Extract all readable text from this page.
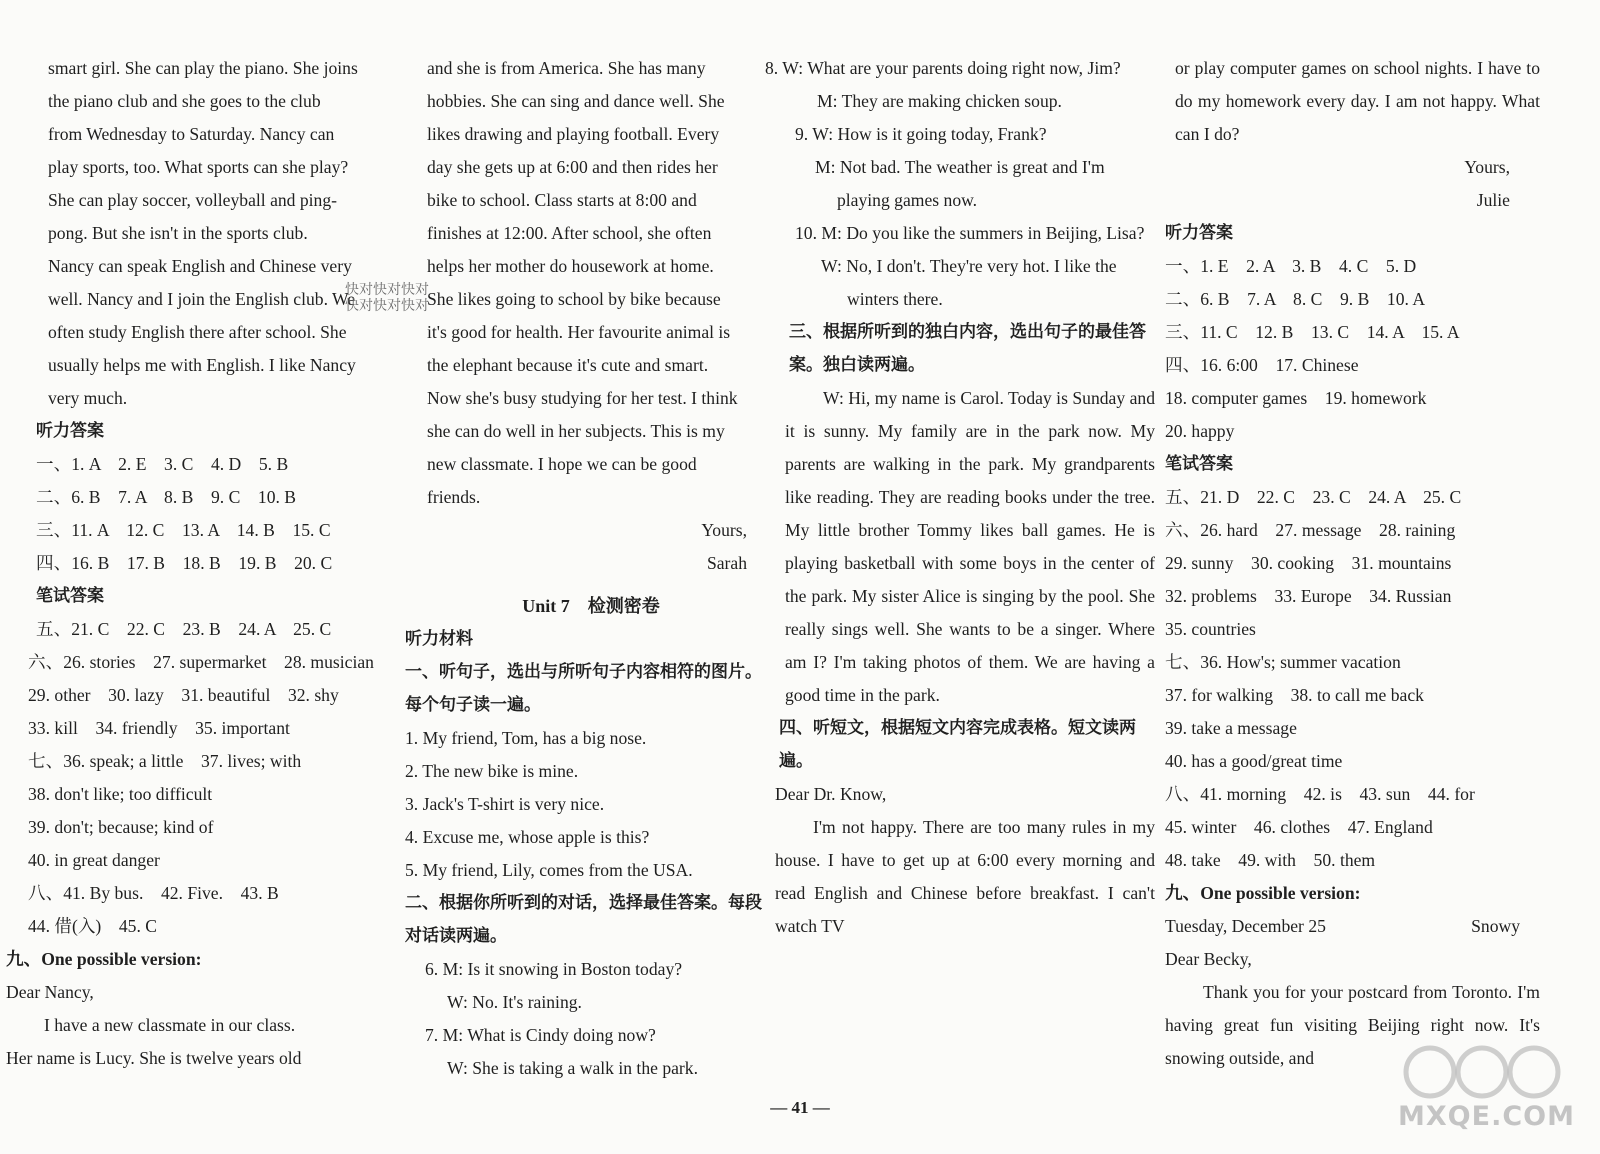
smart girl. She can play the piano. She joins

the piano club and she goes to the club

from Wednesday to Saturday. Nancy can

play sports, too. What sports can she play?

She can play soccer, volleyball and ping-

pong. But she isn't in the sports club.

Nancy can speak English and Chinese very

well. Nancy and I join the English club. We

often study English there after school. She

usually helps me with English. I like Nancy

very much.

听力答案

一、1. A　2. E　3. C　4. D　5. B

二、6. B　7. A　8. B　9. C　10. B

三、11. A　12. C　13. A　14. B　15. C

四、16. B　17. B　18. B　19. B　20. C

笔试答案

五、21. C　22. C　23. B　24. A　25. C

六、26. stories　27. supermarket　28. musician

29. other　30. lazy　31. beautiful　32. shy

33. kill　34. friendly　35. important

七、36. speak; a little　37. lives; with

38. don't like; too difficult

39. don't; because; kind of

40. in great danger

八、41. By bus.　42. Five.　43. B

44. 借(入)　45. C

九、One possible version:

Dear Nancy,

I have a new classmate in our class.

Her name is Lucy. She is twelve years old

and she is from America. She has many

hobbies. She can sing and dance well. She

likes drawing and playing football. Every

day she gets up at 6:00 and then rides her

bike to school. Class starts at 8:00 and

finishes at 12:00. After school, she often

helps her mother do housework at home.

She likes going to school by bike because

it's good for health. Her favourite animal is

the elephant because it's cute and smart.

Now she's busy studying for her test. I think

she can do well in her subjects. This is my

new classmate. I hope we can be good

friends.

Yours,

Sarah

Unit 7　检测密卷

听力材料

一、听句子，选出与所听句子内容相符的图片。每个句子读一遍。

1. My friend, Tom, has a big nose.

2. The new bike is mine.

3. Jack's T-shirt is very nice.

4. Excuse me, whose apple is this?

5. My friend, Lily, comes from the USA.

二、根据你所听到的对话，选择最佳答案。每段对话读两遍。

6. M: Is it snowing in Boston today?

W: No. It's raining.

7. M: What is Cindy doing now?

W: She is taking a walk in the park.

8. W: What are your parents doing right now, Jim?

M: They are making chicken soup.

9. W: How is it going today, Frank?

M: Not bad. The weather is great and I'm playing games now.

10. M: Do you like the summers in Beijing, Lisa?

W: No, I don't. They're very hot. I like the winters there.

三、根据所听到的独白内容，选出句子的最佳答案。独白读两遍。

W: Hi, my name is Carol. Today is Sunday and it is sunny. My family are in the park now. My parents are walking in the park. My grandparents like reading. They are reading books under the tree. My little brother Tommy likes ball games. He is playing basketball with some boys in the center of the park. My sister Alice is singing by the pool. She really sings well. She wants to be a singer. Where am I? I'm taking photos of them. We are having a good time in the park.

四、听短文，根据短文内容完成表格。短文读两遍。

Dear Dr. Know,

I'm not happy. There are too many rules in my house. I have to get up at 6:00 every morning and read English and Chinese before breakfast. I can't watch TV

or play computer games on school nights. I have to do my homework every day. I am not happy. What can I do?

Yours,

Julie

听力答案

一、1. E　2. A　3. B　4. C　5. D

二、6. B　7. A　8. C　9. B　10. A

三、11. C　12. B　13. C　14. A　15. A

四、16. 6:00　17. Chinese

18. computer games　19. homework

20. happy

笔试答案

五、21. D　22. C　23. C　24. A　25. C

六、26. hard　27. message　28. raining

29. sunny　30. cooking　31. mountains

32. problems　33. Europe　34. Russian

35. countries

七、36. How's; summer vacation

37. for walking　38. to call me back

39. take a message

40. has a good/great time

八、41. morning　42. is　43. sun　44. for

45. winter　46. clothes　47. England

48. take　49. with　50. them

九、One possible version:

Tuesday, December 25	Snowy

Dear Becky,

Thank you for your postcard from Toronto. I'm having great fun visiting Beijing right now. It's snowing outside, and

快对快对快对
快对快对快对
— 41 —	MXQE.COM
